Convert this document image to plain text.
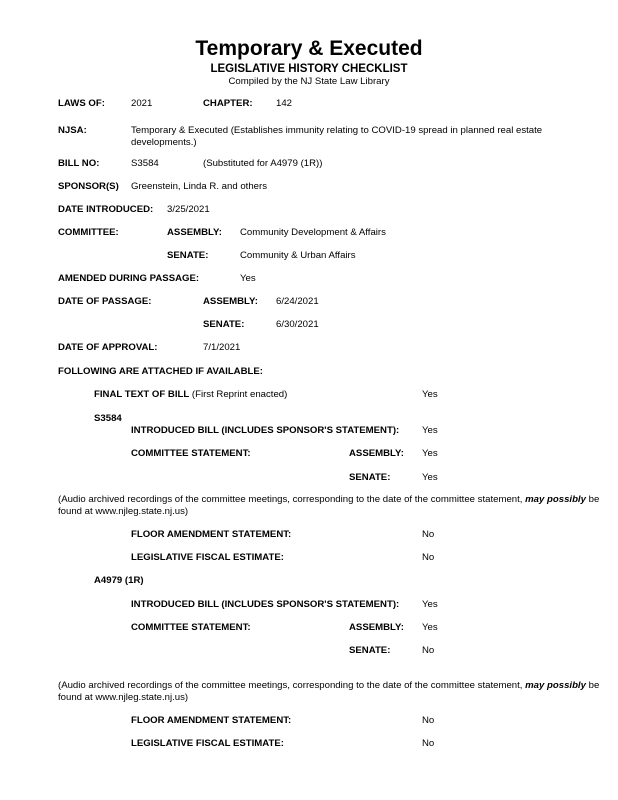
Temporary & Executed
LEGISLATIVE HISTORY CHECKLIST
Compiled by the NJ State Law Library
LAWS OF:	2021	CHAPTER: 142
NJSA:	Temporary & Executed (Establishes immunity relating to COVID-19 spread in planned real estate developments.)
BILL NO:	S3584	(Substituted for A4979 (1R))
SPONSOR(S) Greenstein, Linda R. and others
DATE INTRODUCED: 3/25/2021
COMMITTEE:	ASSEMBLY: Community Development & Affairs
SENATE:	Community & Urban Affairs
AMENDED DURING PASSAGE:	Yes
DATE OF PASSAGE:	ASSEMBLY: 6/24/2021
SENATE:	6/30/2021
DATE OF APPROVAL:	7/1/2021
FOLLOWING ARE ATTACHED IF AVAILABLE:
FINAL TEXT OF BILL (First Reprint enacted)	Yes
S3584
INTRODUCED BILL (INCLUDES SPONSOR'S STATEMENT): Yes
COMMITTEE STATEMENT:	ASSEMBLY: Yes
SENATE:	Yes
(Audio archived recordings of the committee meetings, corresponding to the date of the committee statement, may possibly be found at www.njleg.state.nj.us)
FLOOR AMENDMENT STATEMENT:	No
LEGISLATIVE FISCAL ESTIMATE:	No
A4979 (1R)
INTRODUCED BILL (INCLUDES SPONSOR'S STATEMENT): Yes
COMMITTEE STATEMENT:	ASSEMBLY: Yes
SENATE:	No
(Audio archived recordings of the committee meetings, corresponding to the date of the committee statement, may possibly be found at www.njleg.state.nj.us)
FLOOR AMENDMENT STATEMENT:	No
LEGISLATIVE FISCAL ESTIMATE:	No
